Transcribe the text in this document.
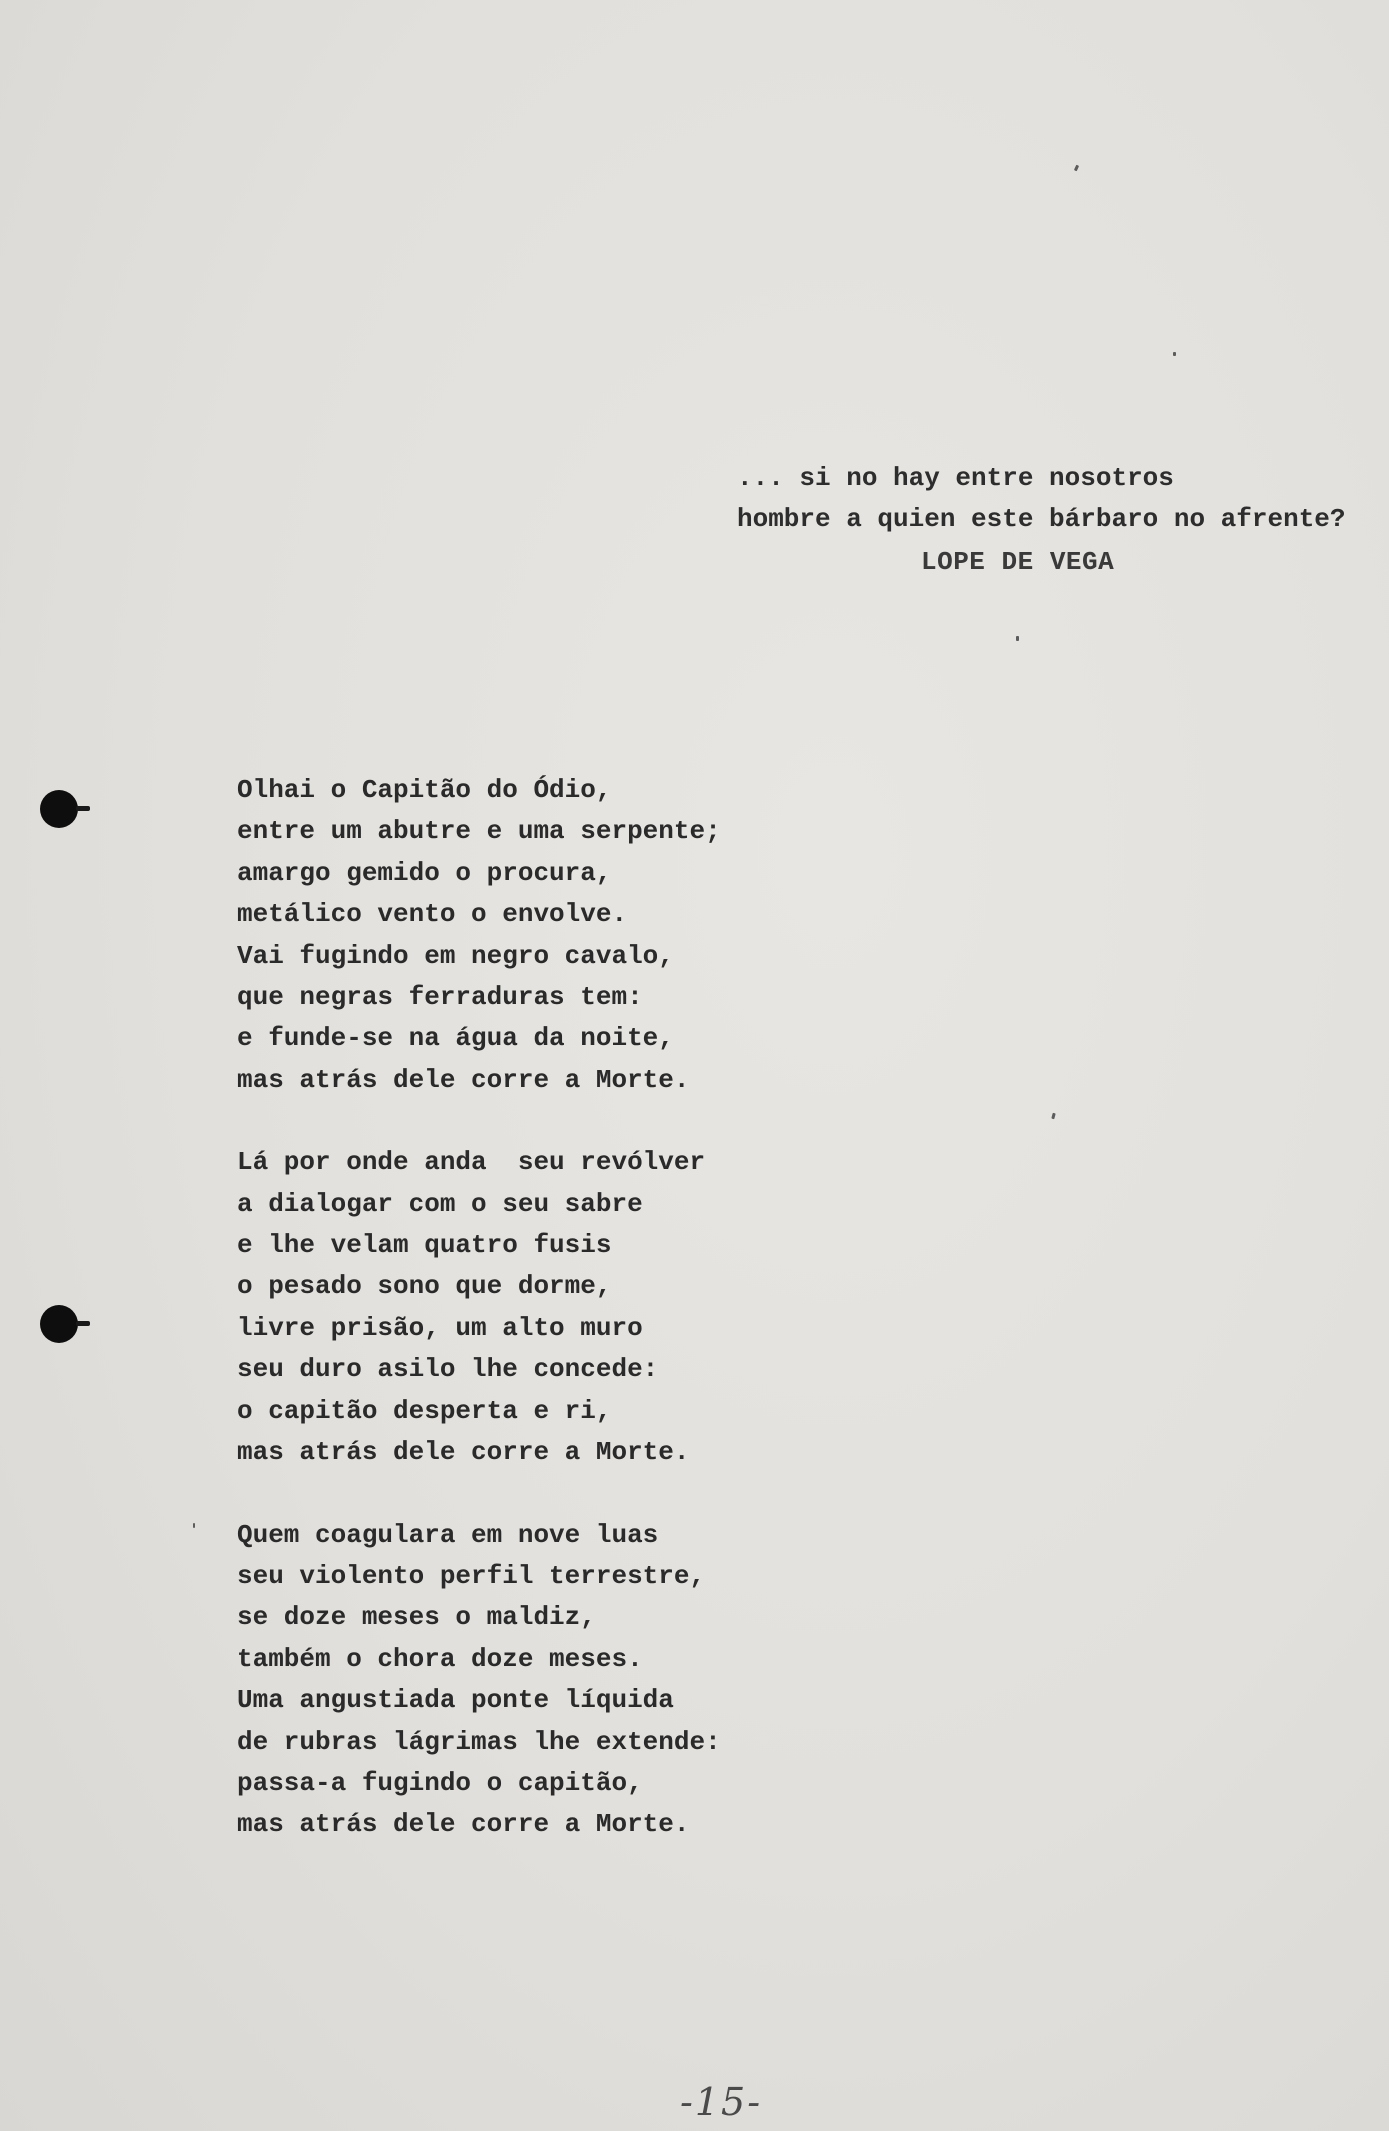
... si no hay entre nosotros
hombre a quien este bárbaro no afrente?
LOPE DE VEGA
Olhai o Capitão do Ódio,
entre um abutre e uma serpente;
amargo gemido o procura,
metálico vento o envolve.
Vai fugindo em negro cavalo,
que negras ferraduras tem:
e funde-se na água da noite,
mas atrás dele corre a Morte.
Lá por onde anda  seu revólver
a dialogar com o seu sabre
e lhe velam quatro fusis
o pesado sono que dorme,
livre prisão, um alto muro
seu duro asilo lhe concede:
o capitão desperta e ri,
mas atrás dele corre a Morte.
Quem coagulara em nove luas
seu violento perfil terrestre,
se doze meses o maldiz,
também o chora doze meses.
Uma angustiada ponte líquida
de rubras lágrimas lhe extende:
passa-a fugindo o capitão,
mas atrás dele corre a Morte.
-15-
